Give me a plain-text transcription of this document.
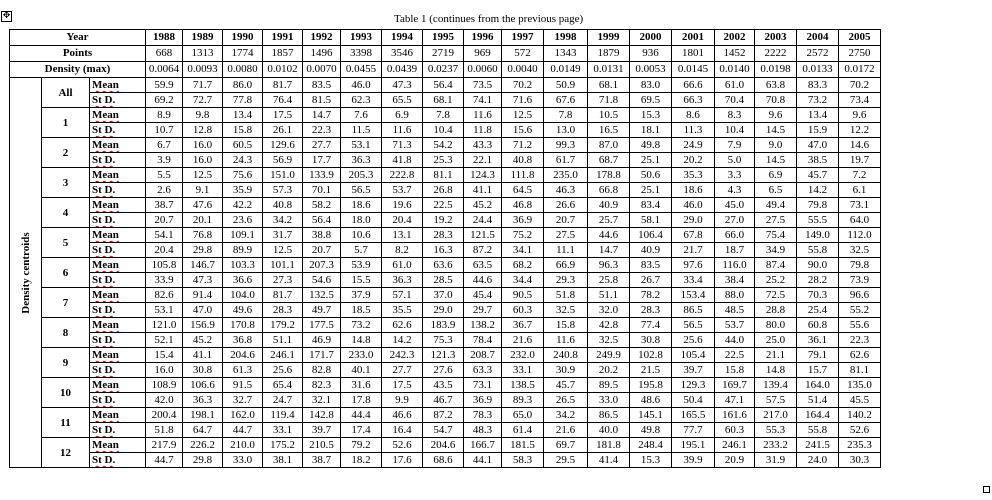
✥	Table 1 (continues from the previous page)
Year			1988	1989	1990	1991	1992	1993	1994	1995	1996	1997	1998	1999	2000	2001	2002	2003	2004	2005
Points			668	1313	1774	1857	1496	3398	3546	2719	969	572	1343	1879	936	1801	1452	2222	2572	2750
Density (max)			0.0064	0.0093	0.0080	0.0102	0.0070	0.0455	0.0439	0.0237	0.0060	0.0040	0.0149	0.0131	0.0053	0.0145	0.0140	0.0198	0.0133	0.0172

Density centroids	All	Mean	59.9	71.7	86.0	81.7	83.5	46.0	47.3	56.4	73.5	70.2	50.9	68.1	83.0	66.6	61.0	63.8	83.3	70.2
		St D.	69.2	72.7	77.8	76.4	81.5	62.3	65.5	68.1	74.1	71.6	67.6	71.8	69.5	66.3	70.4	70.8	73.2	73.4
	1	Mean	8.9	9.8	13.4	17.5	14.7	7.6	6.9	7.8	11.6	12.5	7.8	10.5	15.3	8.6	8.3	9.6	13.4	9.6
		St D.	10.7	12.8	15.8	26.1	22.3	11.5	11.6	10.4	11.8	15.6	13.0	16.5	18.1	11.3	10.4	14.5	15.9	12.2
	2	Mean	6.7	16.0	60.5	129.6	27.7	53.1	71.3	54.2	43.3	71.2	99.3	87.0	49.8	24.9	7.9	9.0	47.0	14.6
		St D.	3.9	16.0	24.3	56.9	17.7	36.3	41.8	25.3	22.1	40.8	61.7	68.7	25.1	20.2	5.0	14.5	38.5	19.7
	3	Mean	5.5	12.5	75.6	151.0	133.9	205.3	222.8	81.1	124.3	111.8	235.0	178.8	50.6	35.3	3.3	6.9	45.7	7.2
		St D.	2.6	9.1	35.9	57.3	70.1	56.5	53.7	26.8	41.1	64.5	46.3	66.8	25.1	18.6	4.3	6.5	14.2	6.1
	4	Mean	38.7	47.6	42.2	40.8	58.2	18.6	19.6	22.5	45.2	46.8	26.6	40.9	83.4	46.0	45.0	49.4	79.8	73.1
		St D.	20.7	20.1	23.6	34.2	56.4	18.0	20.4	19.2	24.4	36.9	20.7	25.7	58.1	29.0	27.0	27.5	55.5	64.0
	5	Mean	54.1	76.8	109.1	31.7	38.8	10.6	13.1	28.3	121.5	75.2	27.5	44.6	106.4	67.8	66.0	75.4	149.0	112.0
		St D.	20.4	29.8	89.9	12.5	20.7	5.7	8.2	16.3	87.2	34.1	11.1	14.7	40.9	21.7	18.7	34.9	55.8	32.5
	6	Mean	105.8	146.7	103.3	101.1	207.3	53.9	61.0	63.6	63.5	68.2	66.9	96.3	83.5	97.6	116.0	87.4	90.0	79.8
		St D.	33.9	47.3	36.6	27.3	54.6	15.5	36.3	28.5	44.6	34.4	29.3	25.8	26.7	33.4	38.4	25.2	28.2	73.9
	7	Mean	82.6	91.4	104.0	81.7	132.5	37.9	57.1	37.0	45.4	90.5	51.8	51.1	78.2	153.4	88.0	72.5	70.3	96.6
		St D.	53.1	47.0	49.6	28.3	49.7	18.5	35.5	29.0	29.7	60.3	32.5	32.0	28.3	86.5	48.5	28.8	25.4	55.2
	8	Mean	121.0	156.9	170.8	179.2	177.5	73.2	62.6	183.9	138.2	36.7	15.8	42.8	77.4	56.5	53.7	80.0	60.8	55.6
		St D.	52.1	45.2	36.8	51.1	46.9	14.8	14.2	75.3	78.4	21.6	11.6	32.5	30.8	25.6	44.0	25.0	36.1	22.3
	9	Mean	15.4	41.1	204.6	246.1	171.7	233.0	242.3	121.3	208.7	232.0	240.8	249.9	102.8	105.4	22.5	21.1	79.1	62.6
		St D.	16.0	30.8	61.3	25.6	82.8	40.1	27.7	27.6	63.3	33.1	30.9	20.2	21.5	39.7	15.8	14.8	15.7	81.1
	10	Mean	108.9	106.6	91.5	65.4	82.3	31.6	17.5	43.5	73.1	138.5	45.7	89.5	195.8	129.3	169.7	139.4	164.0	135.0
		St D.	42.0	36.3	32.7	24.7	32.1	17.8	9.9	46.7	36.9	89.3	26.5	33.0	48.6	50.4	47.1	57.5	51.4	45.5
	11	Mean	200.4	198.1	162.0	119.4	142.8	44.4	46.6	87.2	78.3	65.0	34.2	86.5	145.1	165.5	161.6	217.0	164.4	140.2
		St D.	51.8	64.7	44.7	33.1	39.7	17.4	16.4	54.7	48.3	61.4	21.6	40.0	49.8	77.7	60.3	55.3	55.8	52.6
	12	Mean	217.9	226.2	210.0	175.2	210.5	79.2	52.6	204.6	166.7	181.5	69.7	181.8	248.4	195.1	246.1	233.2	241.5	235.3
		St D.	44.7	29.8	33.0	38.1	38.7	18.2	17.6	68.6	44.1	58.3	29.5	41.4	15.3	39.9	20.9	31.9	24.0	30.3
